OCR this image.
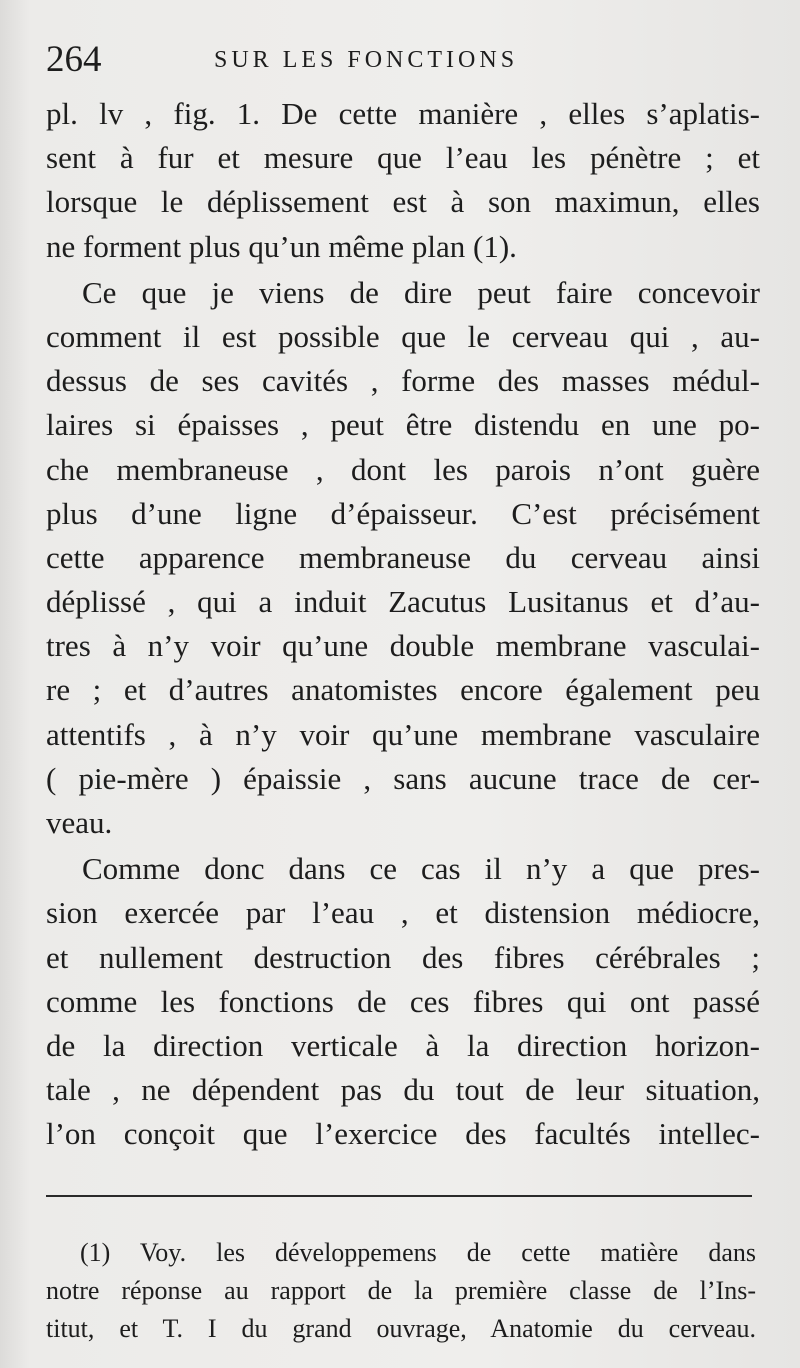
264	SUR LES FONCTIONS
pl. lv , fig. 1. De cette manière , elles s’aplatis-
sent à fur et mesure que l’eau les pénètre ; et
lorsque le déplissement est à son maximun, elles
ne forment plus qu’un même plan (1).
Ce que je viens de dire peut faire concevoir
comment il est possible que le cerveau qui , au-
dessus de ses cavités , forme des masses médul-
laires si épaisses , peut être distendu en une po-
che membraneuse , dont les parois n’ont guère
plus d’une ligne d’épaisseur. C’est précisément
cette apparence membraneuse du cerveau ainsi
déplissé , qui a induit Zacutus Lusitanus et d’au-
tres à n’y voir qu’une double membrane vasculai-
re ; et d’autres anatomistes encore également peu
attentifs , à n’y voir qu’une membrane vasculaire
( pie-mère ) épaissie , sans aucune trace de cer-
veau.
Comme donc dans ce cas il n’y a que pres-
sion exercée par l’eau , et distension médiocre,
et nullement destruction des fibres cérébrales ;
comme les fonctions de ces fibres qui ont passé
de la direction verticale à la direction horizon-
tale , ne dépendent pas du tout de leur situation,
l’on conçoit que l’exercice des facultés intellec-
(1) Voy. les développemens de cette matière dans
notre réponse au rapport de la première classe de l’Ins-
titut, et T. I du grand ouvrage, Anatomie du cerveau.
